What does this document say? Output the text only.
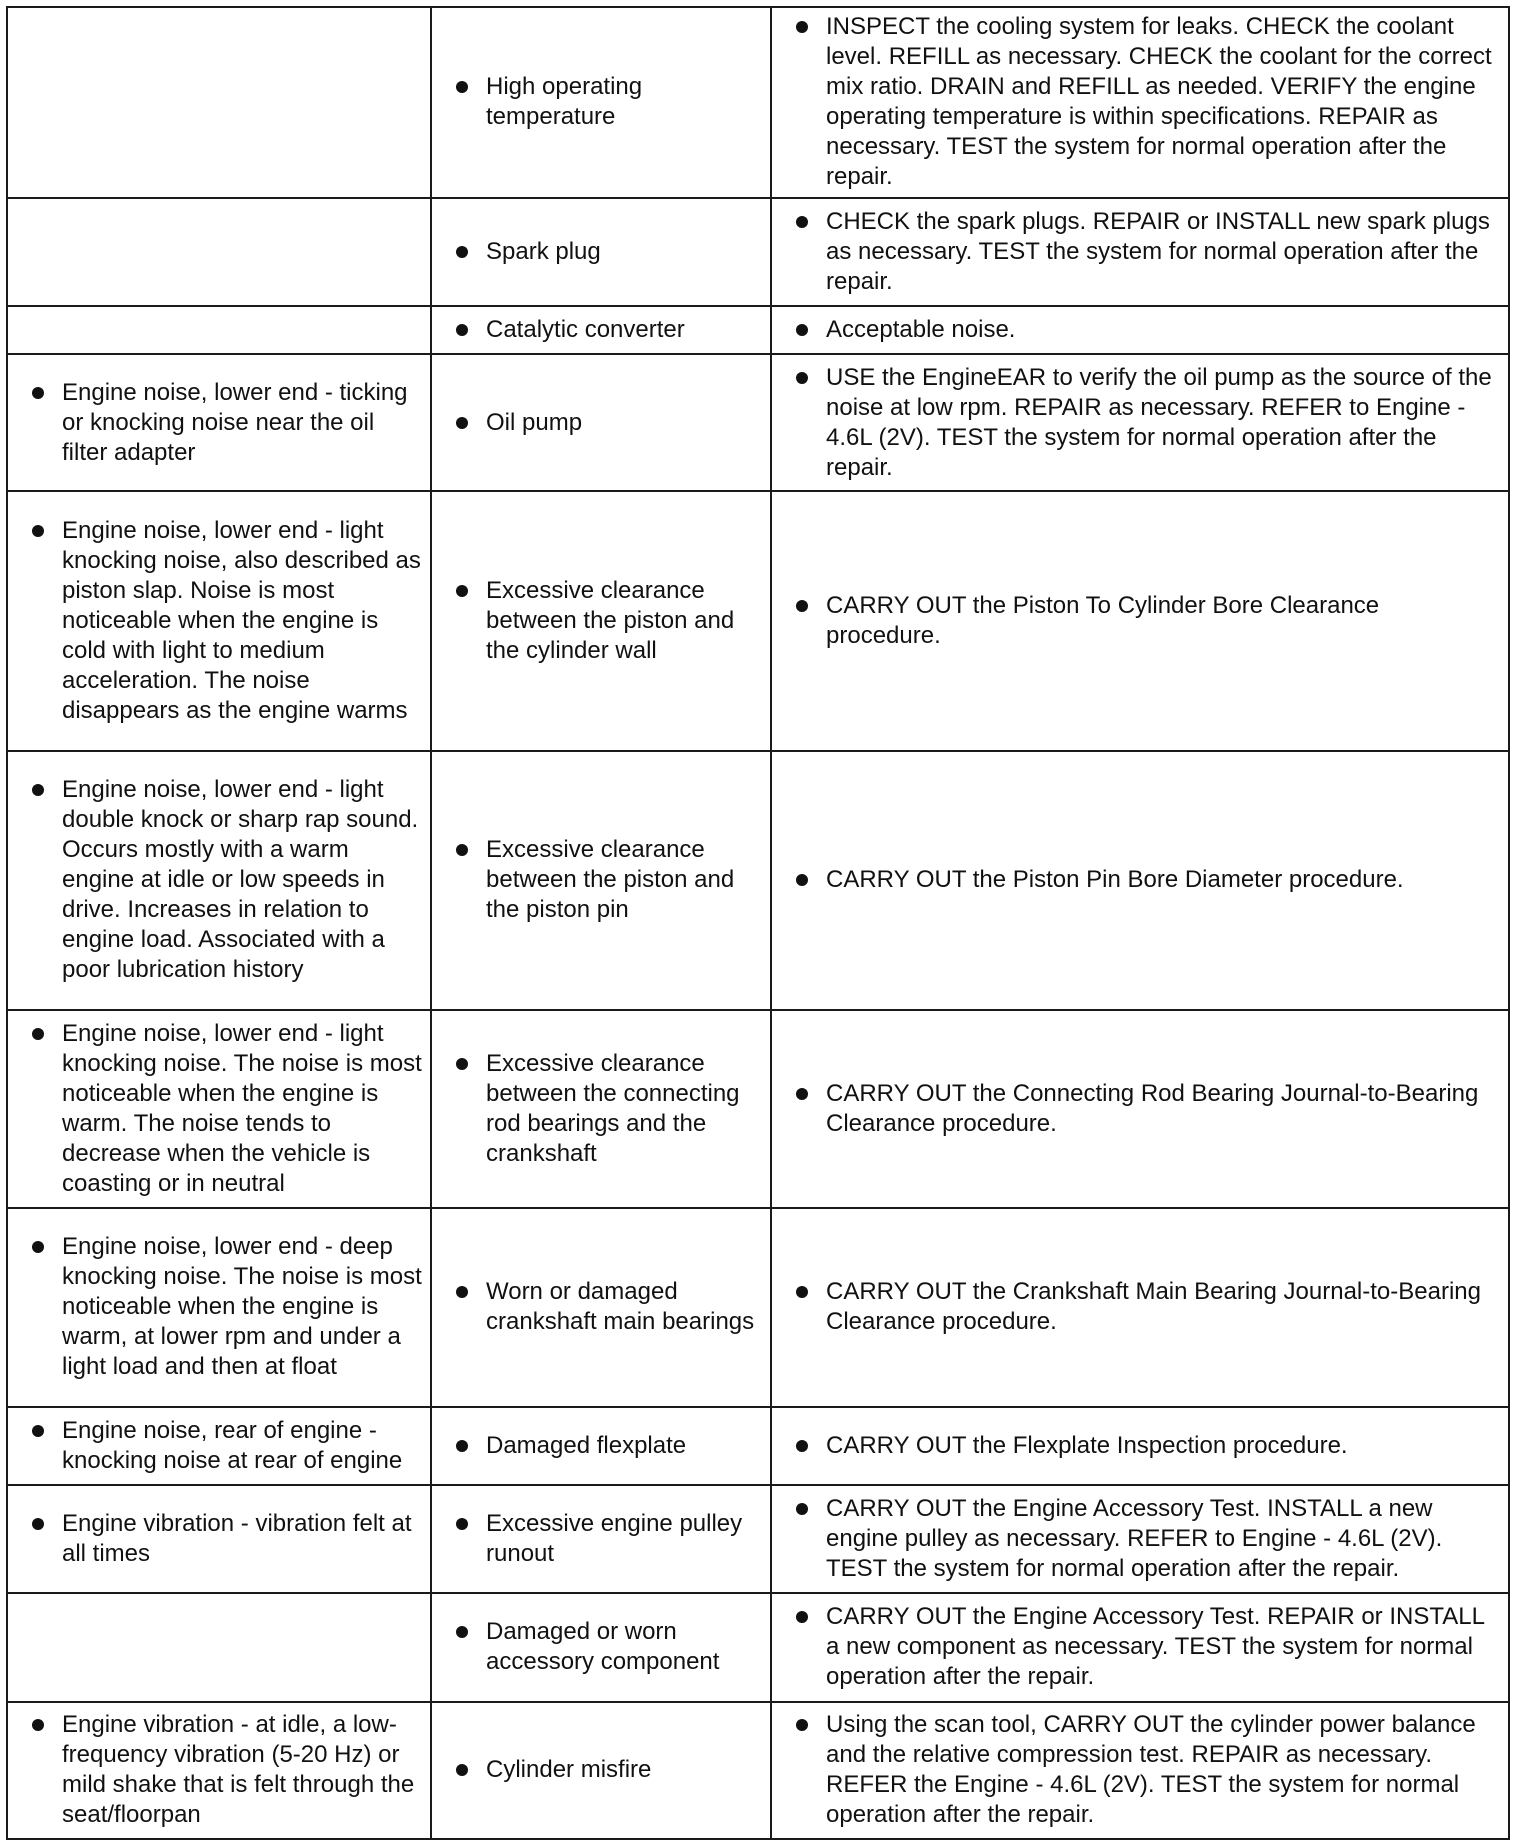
	High operating temperature	INSPECT the cooling system for leaks. CHECK the coolant level. REFILL as necessary. CHECK the coolant for the correct mix ratio. DRAIN and REFILL as needed. VERIFY the engine operating temperature is within specifications. REPAIR as necessary. TEST the system for normal operation after the repair.

	Spark plug	CHECK the spark plugs. REPAIR or INSTALL new spark plugs as necessary. TEST the system for normal operation after the repair.

	Catalytic converter	Acceptable noise.

Engine noise, lower end - ticking or knocking noise near the oil filter adapter	Oil pump	USE the EngineEAR to verify the oil pump as the source of the noise at low rpm. REPAIR as necessary. REFER to Engine - 4.6L (2V). TEST the system for normal operation after the repair.

Engine noise, lower end - light knocking noise, also described as piston slap. Noise is most noticeable when the engine is cold with light to medium acceleration. The noise disappears as the engine warms	Excessive clearance between the piston and the cylinder wall	CARRY OUT the Piston To Cylinder Bore Clearance procedure.

Engine noise, lower end - light double knock or sharp rap sound. Occurs mostly with a warm engine at idle or low speeds in drive. Increases in relation to engine load. Associated with a poor lubrication history	Excessive clearance between the piston and the piston pin	CARRY OUT the Piston Pin Bore Diameter procedure.

Engine noise, lower end - light knocking noise. The noise is most noticeable when the engine is warm. The noise tends to decrease when the vehicle is coasting or in neutral	Excessive clearance between the connecting rod bearings and the crankshaft	CARRY OUT the Connecting Rod Bearing Journal-to-Bearing Clearance procedure.

Engine noise, lower end - deep knocking noise. The noise is most noticeable when the engine is warm, at lower rpm and under a light load and then at float	Worn or damaged crankshaft main bearings	CARRY OUT the Crankshaft Main Bearing Journal-to-Bearing Clearance procedure.

Engine noise, rear of engine - knocking noise at rear of engine	Damaged flexplate	CARRY OUT the Flexplate Inspection procedure.

Engine vibration - vibration felt at all times	Excessive engine pulley runout	CARRY OUT the Engine Accessory Test. INSTALL a new engine pulley as necessary. REFER to Engine - 4.6L (2V). TEST the system for normal operation after the repair.

	Damaged or worn accessory component	CARRY OUT the Engine Accessory Test. REPAIR or INSTALL a new component as necessary. TEST the system for normal operation after the repair.

Engine vibration - at idle, a low-frequency vibration (5-20 Hz) or mild shake that is felt through the seat/floorpan	Cylinder misfire	Using the scan tool, CARRY OUT the cylinder power balance and the relative compression test. REPAIR as necessary. REFER the Engine - 4.6L (2V). TEST the system for normal operation after the repair.
